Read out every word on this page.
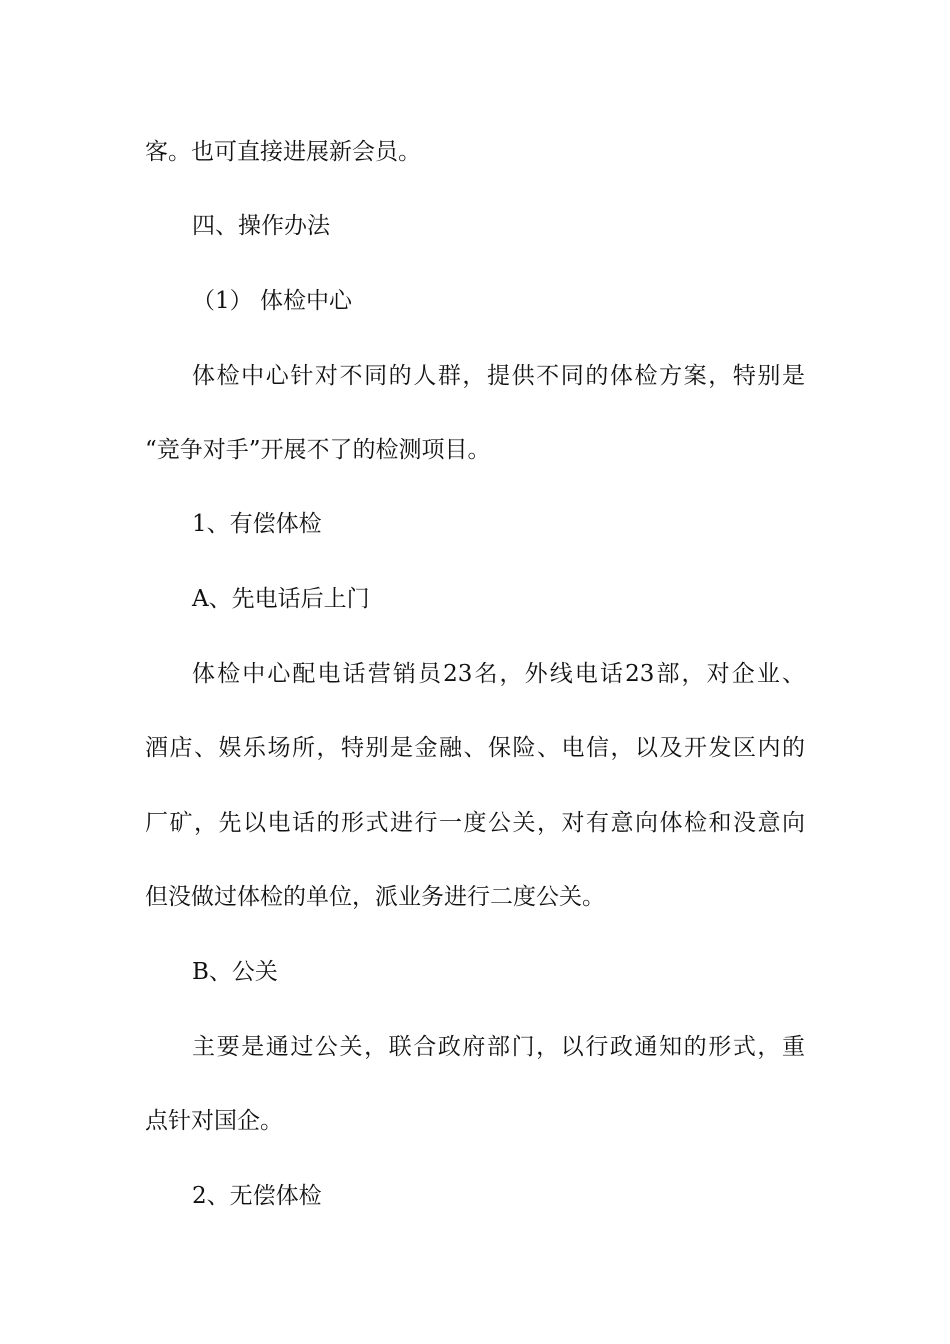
客。也可直接进展新会员。
四、操作办法
（1） 体检中心
体检中心针对不同的人群，提供不同的体检方案，特别是
“竞争对手”开展不了的检测项目。
1、有偿体检
A、先电话后上门
体检中心配电话营销员23名，外线电话23部，对企业、
酒店、娱乐场所，特别是金融、保险、电信，以及开发区内的
厂矿，先以电话的形式进行一度公关，对有意向体检和没意向
但没做过体检的单位，派业务进行二度公关。
B、公关
主要是通过公关，联合政府部门，以行政通知的形式，重
点针对国企。
2、无偿体检
